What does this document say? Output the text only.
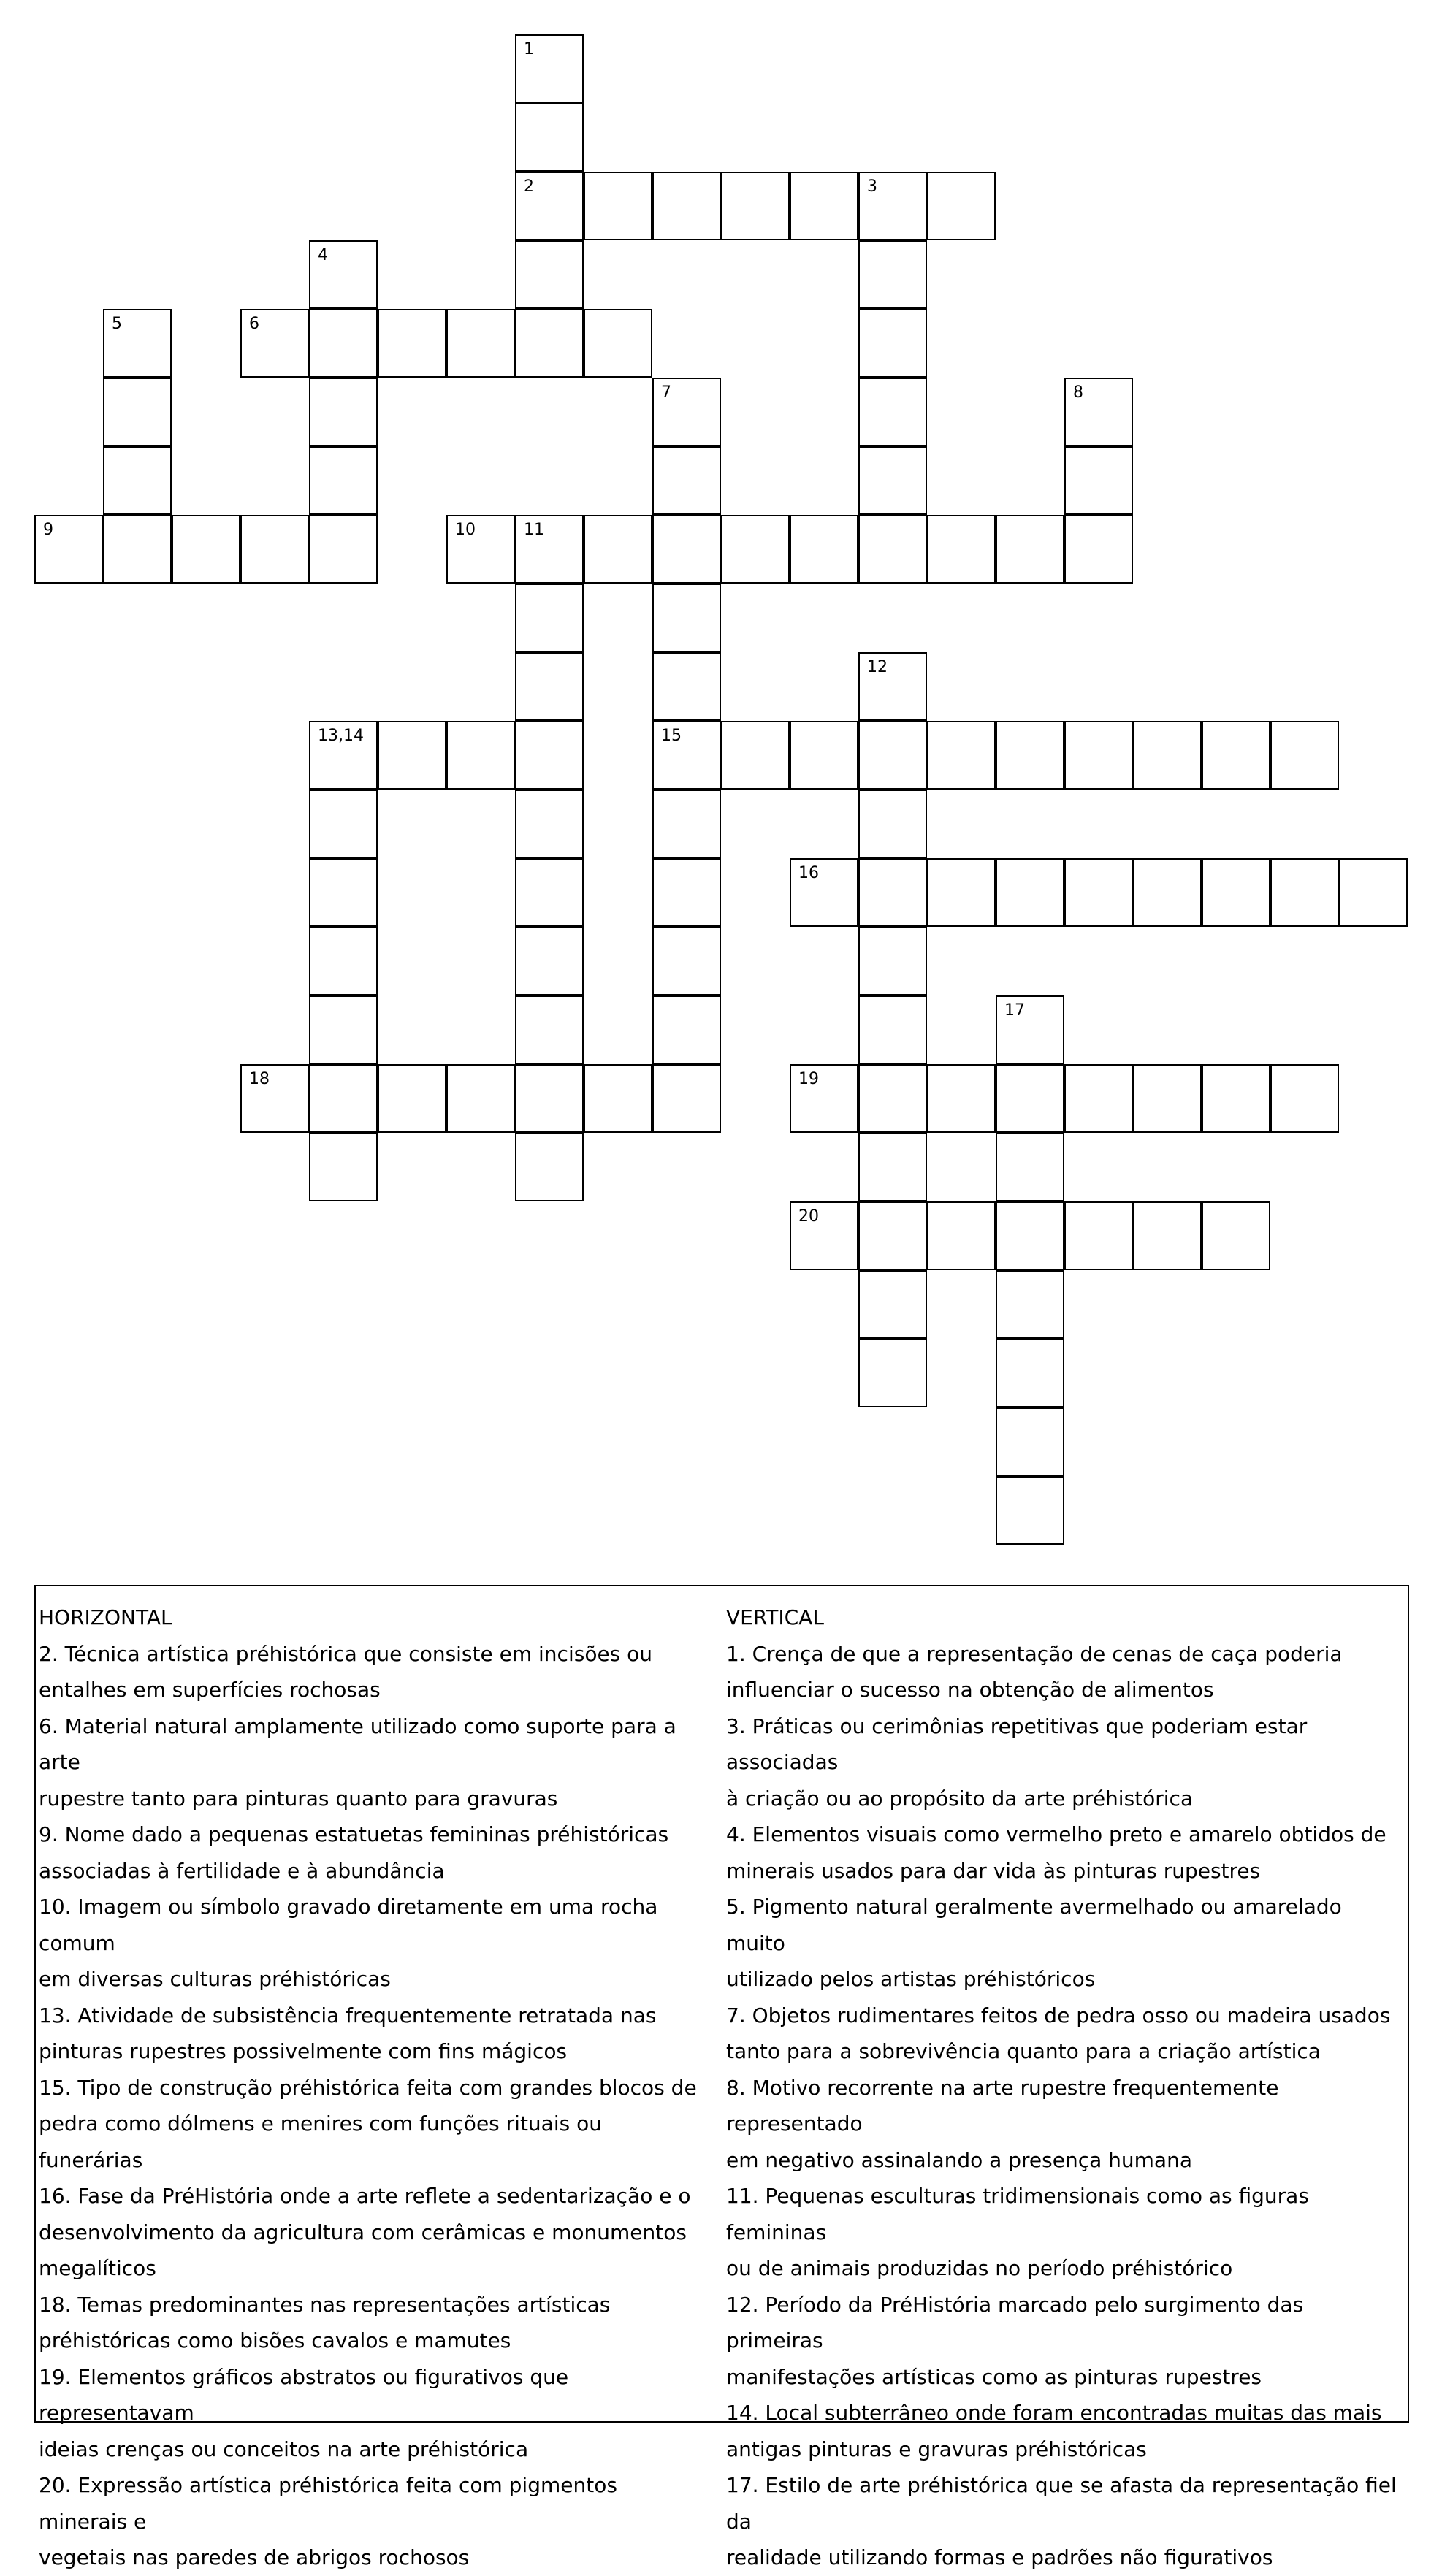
1
2	3
4
5	6
7	8
9	10	11
12
13,14	15
16
17
18	19
20
HORIZONTAL
2. Técnica artística préhistórica que consiste em incisões ou
entalhes em superfícies rochosas
6. Material natural amplamente utilizado como suporte para a arte
rupestre tanto para pinturas quanto para gravuras
9. Nome dado a pequenas estatuetas femininas préhistóricas
associadas à fertilidade e à abundância
10. Imagem ou símbolo gravado diretamente em uma rocha comum
em diversas culturas préhistóricas
13. Atividade de subsistência frequentemente retratada nas
pinturas rupestres possivelmente com fins mágicos
15. Tipo de construção préhistórica feita com grandes blocos de
pedra como dólmens e menires com funções rituais ou funerárias
16. Fase da PréHistória onde a arte reflete a sedentarização e o
desenvolvimento da agricultura com cerâmicas e monumentos
megalíticos
18. Temas predominantes nas representações artísticas
préhistóricas como bisões cavalos e mamutes
19. Elementos gráficos abstratos ou figurativos que representavam
ideias crenças ou conceitos na arte préhistórica
20. Expressão artística préhistórica feita com pigmentos minerais e
vegetais nas paredes de abrigos rochosos
VERTICAL
1. Crença de que a representação de cenas de caça poderia
influenciar o sucesso na obtenção de alimentos
3. Práticas ou cerimônias repetitivas que poderiam estar associadas
à criação ou ao propósito da arte préhistórica
4. Elementos visuais como vermelho preto e amarelo obtidos de
minerais usados para dar vida às pinturas rupestres
5. Pigmento natural geralmente avermelhado ou amarelado muito
utilizado pelos artistas préhistóricos
7. Objetos rudimentares feitos de pedra osso ou madeira usados
tanto para a sobrevivência quanto para a criação artística
8. Motivo recorrente na arte rupestre frequentemente representado
em negativo assinalando a presença humana
11. Pequenas esculturas tridimensionais como as figuras femininas
ou de animais produzidas no período préhistórico
12. Período da PréHistória marcado pelo surgimento das primeiras
manifestações artísticas como as pinturas rupestres
14. Local subterrâneo onde foram encontradas muitas das mais
antigas pinturas e gravuras préhistóricas
17. Estilo de arte préhistórica que se afasta da representação fiel da
realidade utilizando formas e padrões não figurativos
